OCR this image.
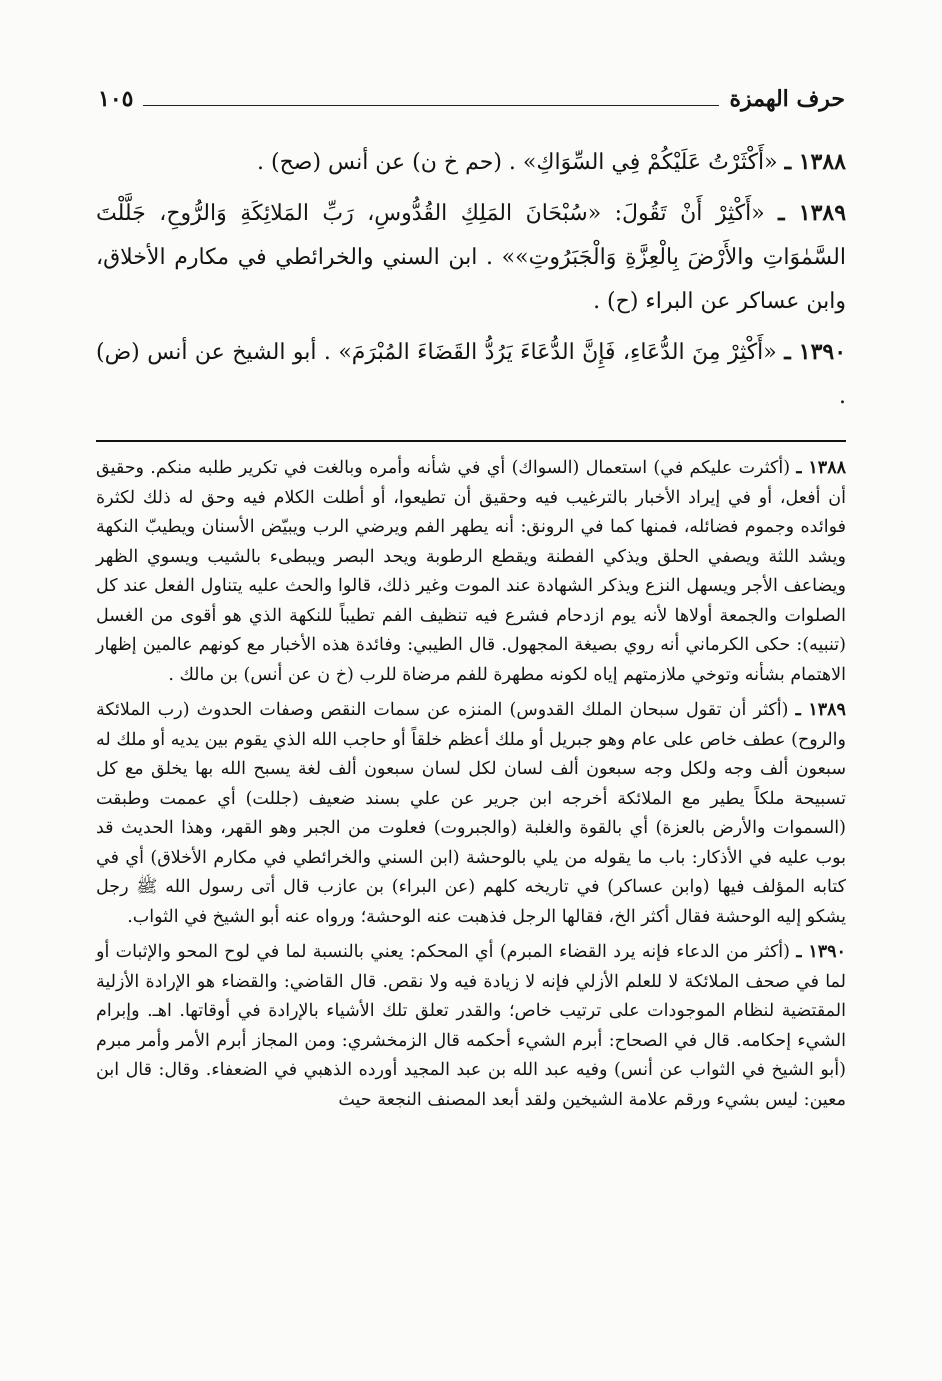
حرف الهمزة
١٠٥

١٣٨٨ ـ «أَكْثَرْتُ عَلَيْكُمْ فِي السِّوَاكِ» . (حم خ ن) عن أنس (صح) .

١٣٨٩ ـ «أَكْثِرْ أَنْ تَقُولَ: «سُبْحَانَ المَلِكِ القُدُّوسِ، رَبِّ المَلائِكَةِ وَالرُّوحِ، جَلَّلْتَ السَّمٰوَاتِ والأَرْضَ بِالْعِزَّةِ وَالْجَبَرُوتِ»» . ابن السني والخرائطي في مكارم الأخلاق، وابن عساكر عن البراء (ح) .

١٣٩٠ ـ «أَكْثِرْ مِنَ الدُّعَاءِ، فَإِنَّ الدُّعَاءَ يَرُدُّ القَضَاءَ المُبْرَمَ» . أبو الشيخ عن أنس (ض) .

١٣٨٨ ـ (أكثرت عليكم في) استعمال (السواك) أي في شأنه وأمره وبالغت في تكرير طلبه منكم. وحقيق أن أفعل، أو في إيراد الأخبار بالترغيب فيه وحقيق أن تطيعوا، أو أطلت الكلام فيه وحق له ذلك لكثرة فوائده وجموم فضائله، فمنها كما في الرونق: أنه يطهر الفم ويرضي الرب ويبيّض الأسنان ويطيبّ النكهة ويشد اللثة ويصفي الحلق ويذكي الفطنة ويقطع الرطوبة ويحد البصر ويبطىء بالشيب ويسوي الظهر ويضاعف الأجر ويسهل النزع ويذكر الشهادة عند الموت وغير ذلك، قالوا والحث عليه يتناول الفعل عند كل الصلوات والجمعة أولاها لأنه يوم ازدحام فشرع فيه تنظيف الفم تطيباً للنكهة الذي هو أقوى من الغسل (تنبيه): حكى الكرماني أنه روي بصيغة المجهول. قال الطيبي: وفائدة هذه الأخبار مع كونهم عالمين إظهار الاهتمام بشأنه وتوخي ملازمتهم إياه لكونه مطهرة للفم مرضاة للرب (خ ن عن أنس) بن مالك .

١٣٨٩ ـ (أكثر أن تقول سبحان الملك القدوس) المنزه عن سمات النقص وصفات الحدوث (رب الملائكة والروح) عطف خاص على عام وهو جبريل أو ملك أعظم خلقاً أو حاجب الله الذي يقوم بين يديه أو ملك له سبعون ألف وجه ولكل وجه سبعون ألف لسان لكل لسان سبعون ألف لغة يسبح الله بها يخلق مع كل تسبيحة ملكاً يطير مع الملائكة أخرجه ابن جرير عن علي بسند ضعيف (جللت) أي عممت وطبقت (السموات والأرض بالعزة) أي بالقوة والغلبة (والجبروت) فعلوت من الجبر وهو القهر، وهذا الحديث قد بوب عليه في الأذكار: باب ما يقوله من يلي بالوحشة (ابن السني والخرائطي في مكارم الأخلاق) أي في كتابه المؤلف فيها (وابن عساكر) في تاريخه كلهم (عن البراء) بن عازب قال أتى رسول الله ﷺ رجل يشكو إليه الوحشة فقال أكثر الخ، فقالها الرجل فذهبت عنه الوحشة؛ ورواه عنه أبو الشيخ في الثواب.

١٣٩٠ ـ (أكثر من الدعاء فإنه يرد القضاء المبرم) أي المحكم: يعني بالنسبة لما في لوح المحو والإثبات أو لما في صحف الملائكة لا للعلم الأزلي فإنه لا زيادة فيه ولا نقص. قال القاضي: والقضاء هو الإرادة الأزلية المقتضية لنظام الموجودات على ترتيب خاص؛ والقدر تعلق تلك الأشياء بالإرادة في أوقاتها. اهـ. وإبرام الشيء إحكامه. قال في الصحاح: أبرم الشيء أحكمه قال الزمخشري: ومن المجاز أبرم الأمر وأمر مبرم (أبو الشيخ في الثواب عن أنس) وفيه عبد الله بن عبد المجيد أورده الذهبي في الضعفاء. وقال: قال ابن معين: ليس بشيء ورقم علامة الشيخين ولقد أبعد المصنف النجعة حيث
